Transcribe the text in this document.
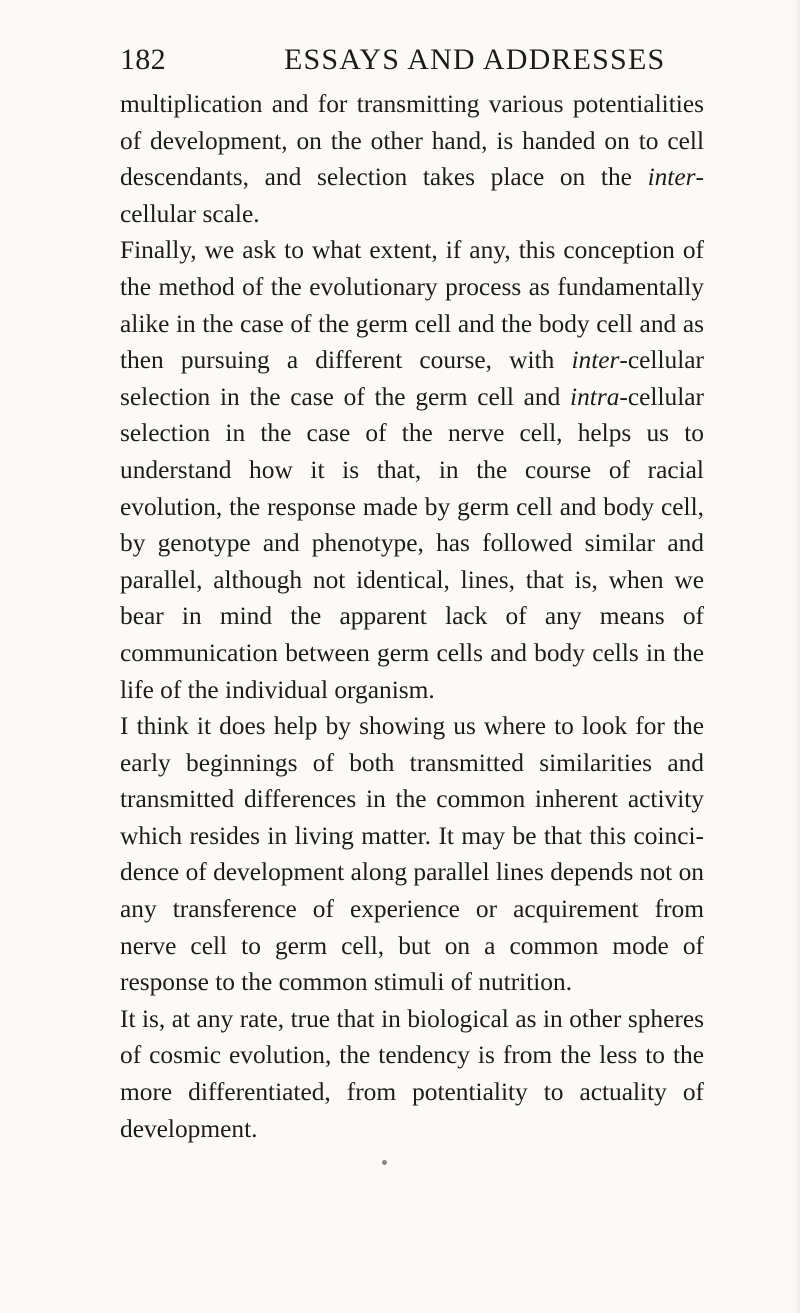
182	ESSAYS AND ADDRESSES

multiplication and for transmitting various potentialities of development, on the other hand, is handed on to cell descendants, and selection takes place on the inter-cellular scale.

Finally, we ask to what extent, if any, this conception of the method of the evolutionary process as fundamentally alike in the case of the germ cell and the body cell and as then pursuing a different course, with inter-cellular selection in the case of the germ cell and intra-cellular selection in the case of the nerve cell, helps us to understand how it is that, in the course of racial evolution, the response made by germ cell and body cell, by genotype and phenotype, has followed similar and parallel, although not identical, lines, that is, when we bear in mind the apparent lack of any means of communication between germ cells and body cells in the life of the individual organism.

I think it does help by showing us where to look for the early beginnings of both transmitted similarities and transmitted differences in the common inherent activity which resides in living matter. It may be that this coinci-dence of development along parallel lines depends not on any transference of experience or acquirement from nerve cell to germ cell, but on a common mode of response to the common stimuli of nutrition.

It is, at any rate, true that in biological as in other spheres of cosmic evolution, the tendency is from the less to the more differentiated, from potentiality to actuality of development.
